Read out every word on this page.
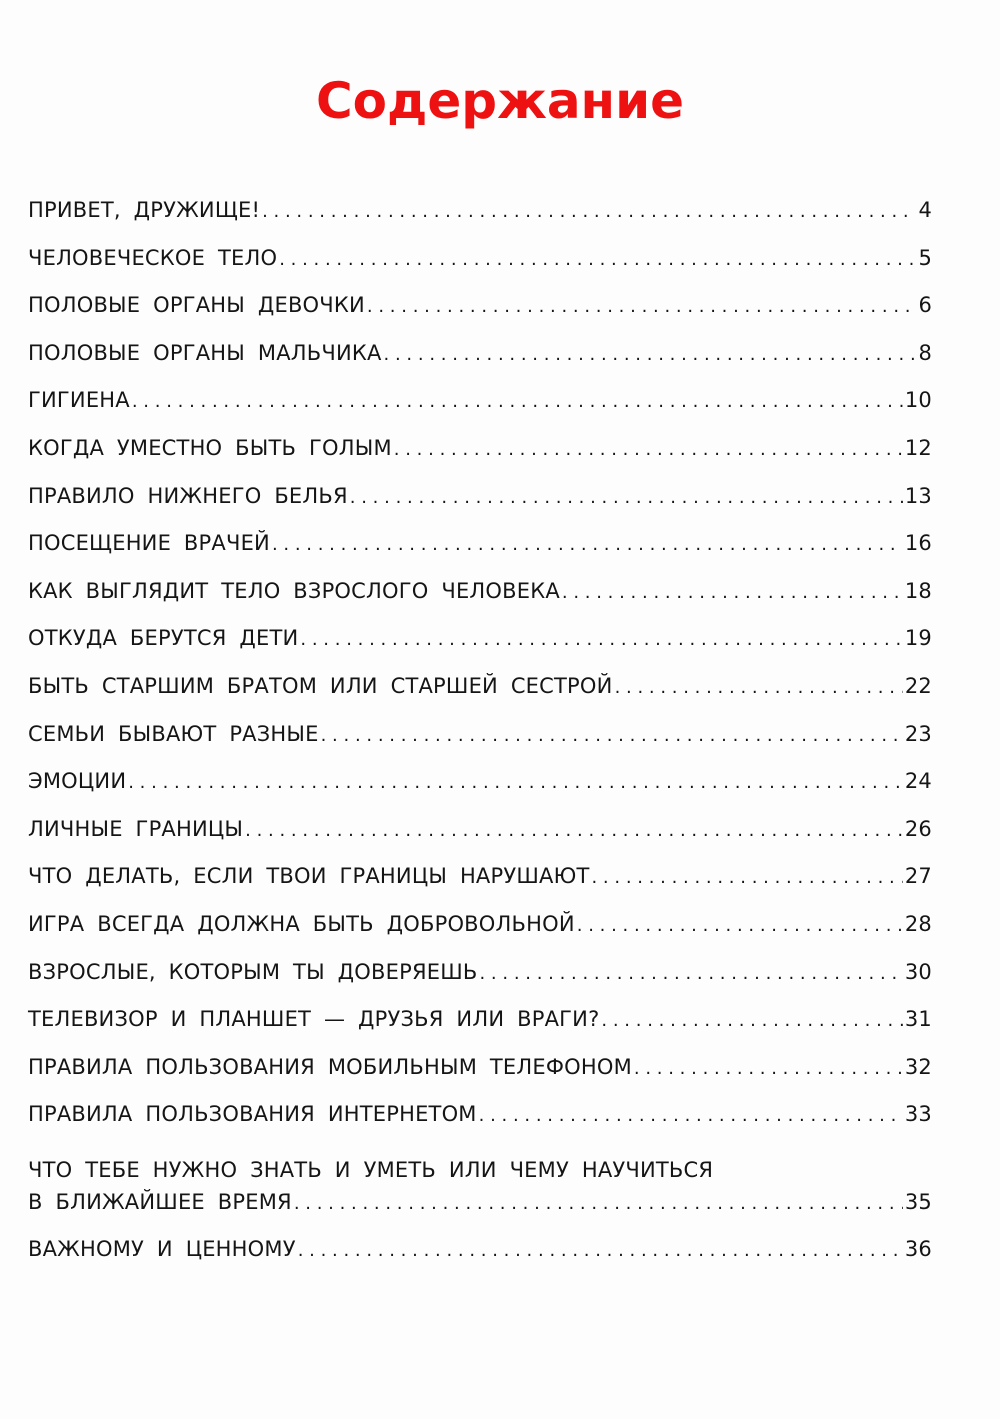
Содержание
ПРИВЕТ, ДРУЖИЩЕ! . . .	4
ЧЕЛОВЕЧЕСКОЕ ТЕЛО . . .	5
ПОЛОВЫЕ ОРГАНЫ ДЕВОЧКИ . . .	6
ПОЛОВЫЕ ОРГАНЫ МАЛЬЧИКА . . .	8
ГИГИЕНА . . .	10
КОГДА УМЕСТНО БЫТЬ ГОЛЫМ . . .	12
ПРАВИЛО НИЖНЕГО БЕЛЬЯ . . .	13
ПОСЕЩЕНИЕ ВРАЧЕЙ . . .	16
КАК ВЫГЛЯДИТ ТЕЛО ВЗРОСЛОГО ЧЕЛОВЕКА . . .	18
ОТКУДА БЕРУТСЯ ДЕТИ . . .	19
БЫТЬ СТАРШИМ БРАТОМ ИЛИ СТАРШЕЙ СЕСТРОЙ . . .	22
СЕМЬИ БЫВАЮТ РАЗНЫЕ . . .	23
ЭМОЦИИ . . .	24
ЛИЧНЫЕ ГРАНИЦЫ . . .	26
ЧТО ДЕЛАТЬ, ЕСЛИ ТВОИ ГРАНИЦЫ НАРУШАЮТ . . .	27
ИГРА ВСЕГДА ДОЛЖНА БЫТЬ ДОБРОВОЛЬНОЙ . . .	28
ВЗРОСЛЫЕ, КОТОРЫМ ТЫ ДОВЕРЯЕШЬ . . .	30
ТЕЛЕВИЗОР И ПЛАНШЕТ — ДРУЗЬЯ ИЛИ ВРАГИ? . . .	31
ПРАВИЛА ПОЛЬЗОВАНИЯ МОБИЛЬНЫМ ТЕЛЕФОНОМ . . .	32
ПРАВИЛА ПОЛЬЗОВАНИЯ ИНТЕРНЕТОМ . . .	33
ЧТО ТЕБЕ НУЖНО ЗНАТЬ И УМЕТЬ ИЛИ ЧЕМУ НАУЧИТЬСЯ
В БЛИЖАЙШЕЕ ВРЕМЯ . . .	35
ВАЖНОМУ И ЦЕННОМУ . . .	36
